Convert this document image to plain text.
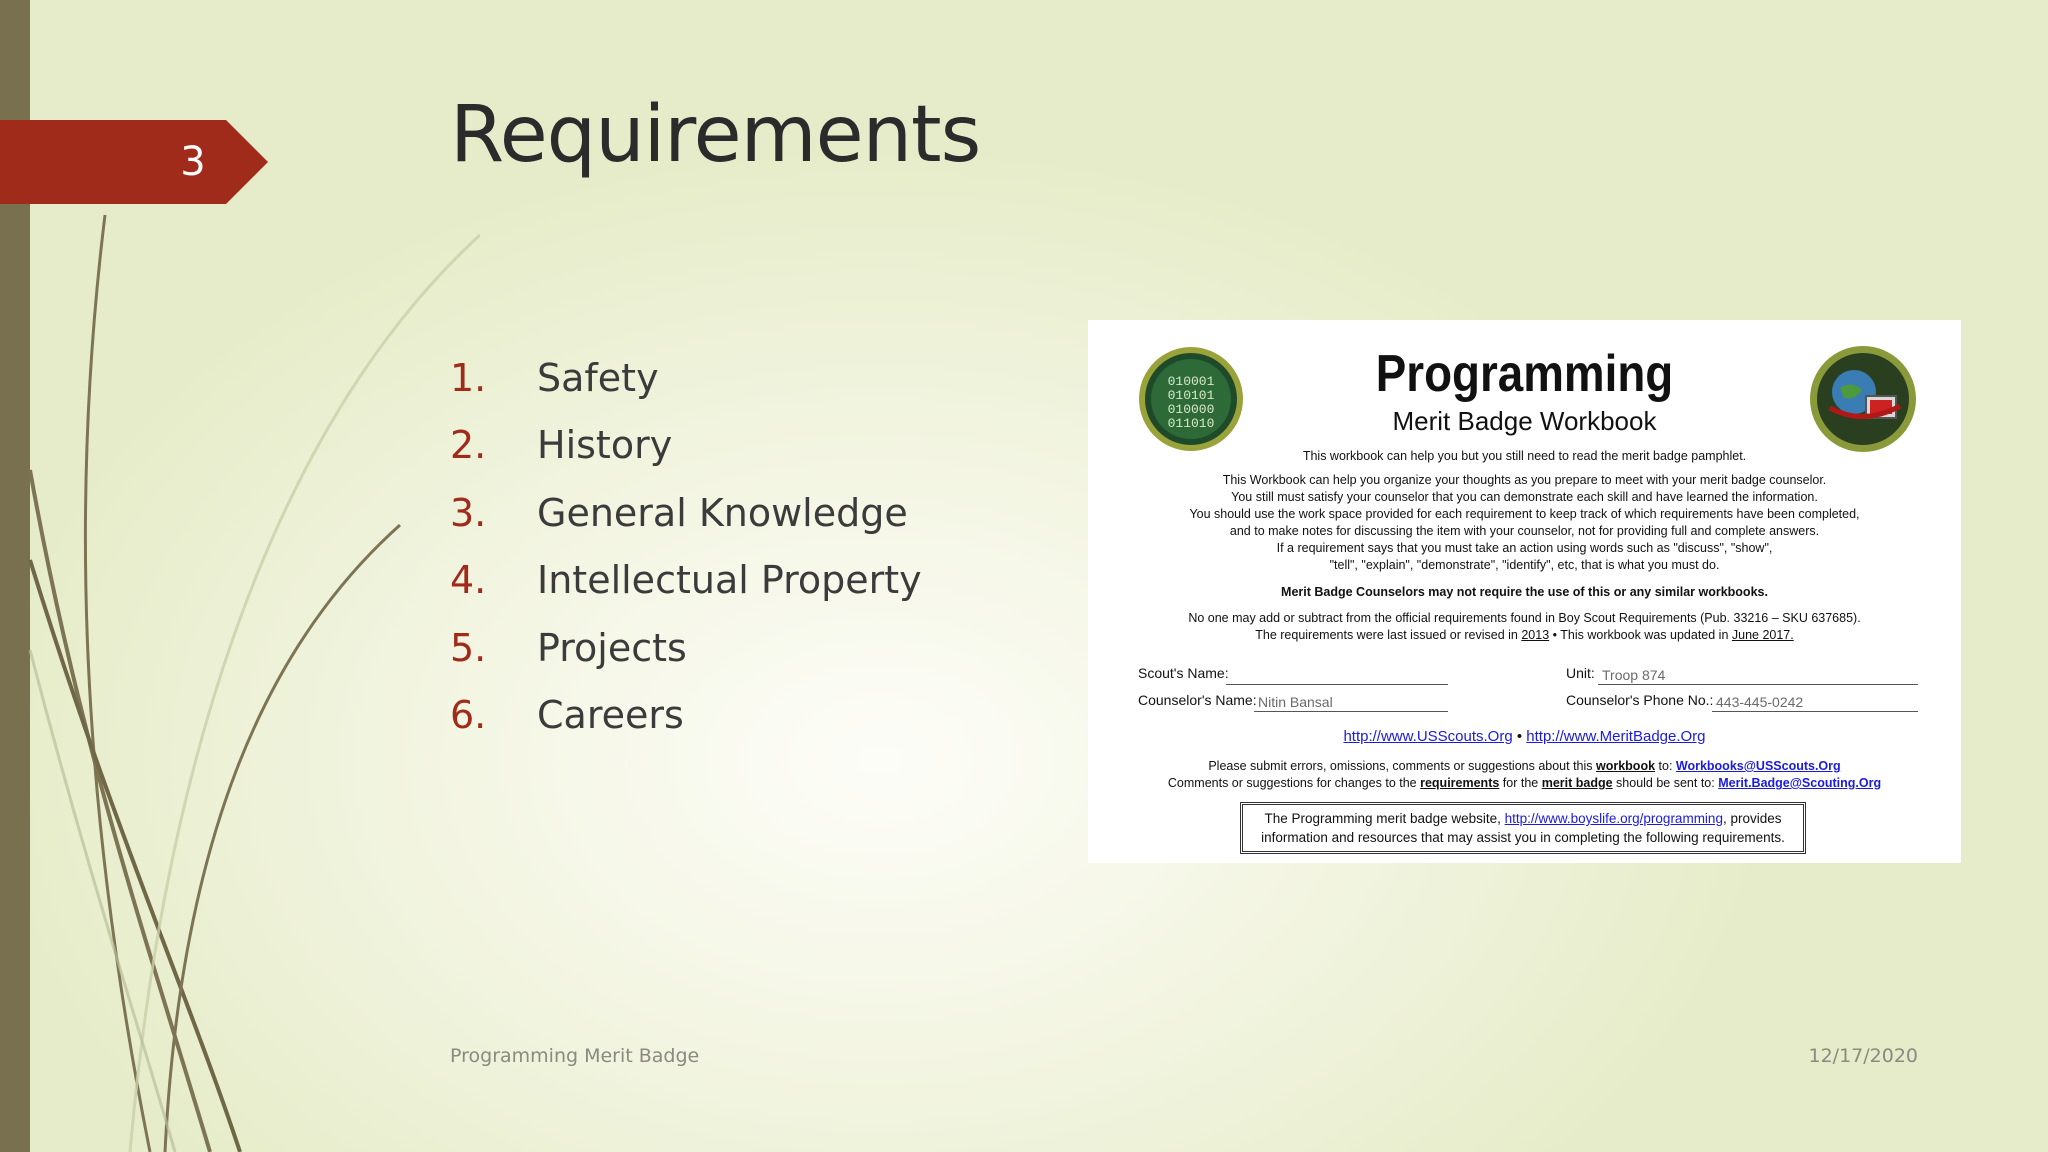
3	Requirements
1. Safety
2. History
3. General Knowledge
4. Intellectual Property
5. Projects
6. Careers
010001
010101
010000
011010
Programming
Merit Badge Workbook
This workbook can help you but you still need to read the merit badge pamphlet.
This Workbook can help you organize your thoughts as you prepare to meet with your merit badge counselor.
You still must satisfy your counselor that you can demonstrate each skill and have learned the information.
You should use the work space provided for each requirement to keep track of which requirements have been completed,
and to make notes for discussing the item with your counselor, not for providing full and complete answers.
If a requirement says that you must take an action using words such as "discuss", "show",
"tell", "explain", "demonstrate", "identify", etc, that is what you must do.
Merit Badge Counselors may not require the use of this or any similar workbooks.
No one may add or subtract from the official requirements found in Boy Scout Requirements (Pub. 33216 – SKU 637685).
The requirements were last issued or revised in 2013 • This workbook was updated in June 2017.
Scout's Name:	Unit: Troop 874
Counselor's Name: Nitin Bansal	Counselor's Phone No.: 443-445-0242
http://www.USScouts.Org • http://www.MeritBadge.Org
Please submit errors, omissions, comments or suggestions about this workbook to: Workbooks@USScouts.Org
Comments or suggestions for changes to the requirements for the merit badge should be sent to: Merit.Badge@Scouting.Org
The Programming merit badge website, http://www.boyslife.org/programming, provides
information and resources that may assist you in completing the following requirements.
Programming Merit Badge	12/17/2020
